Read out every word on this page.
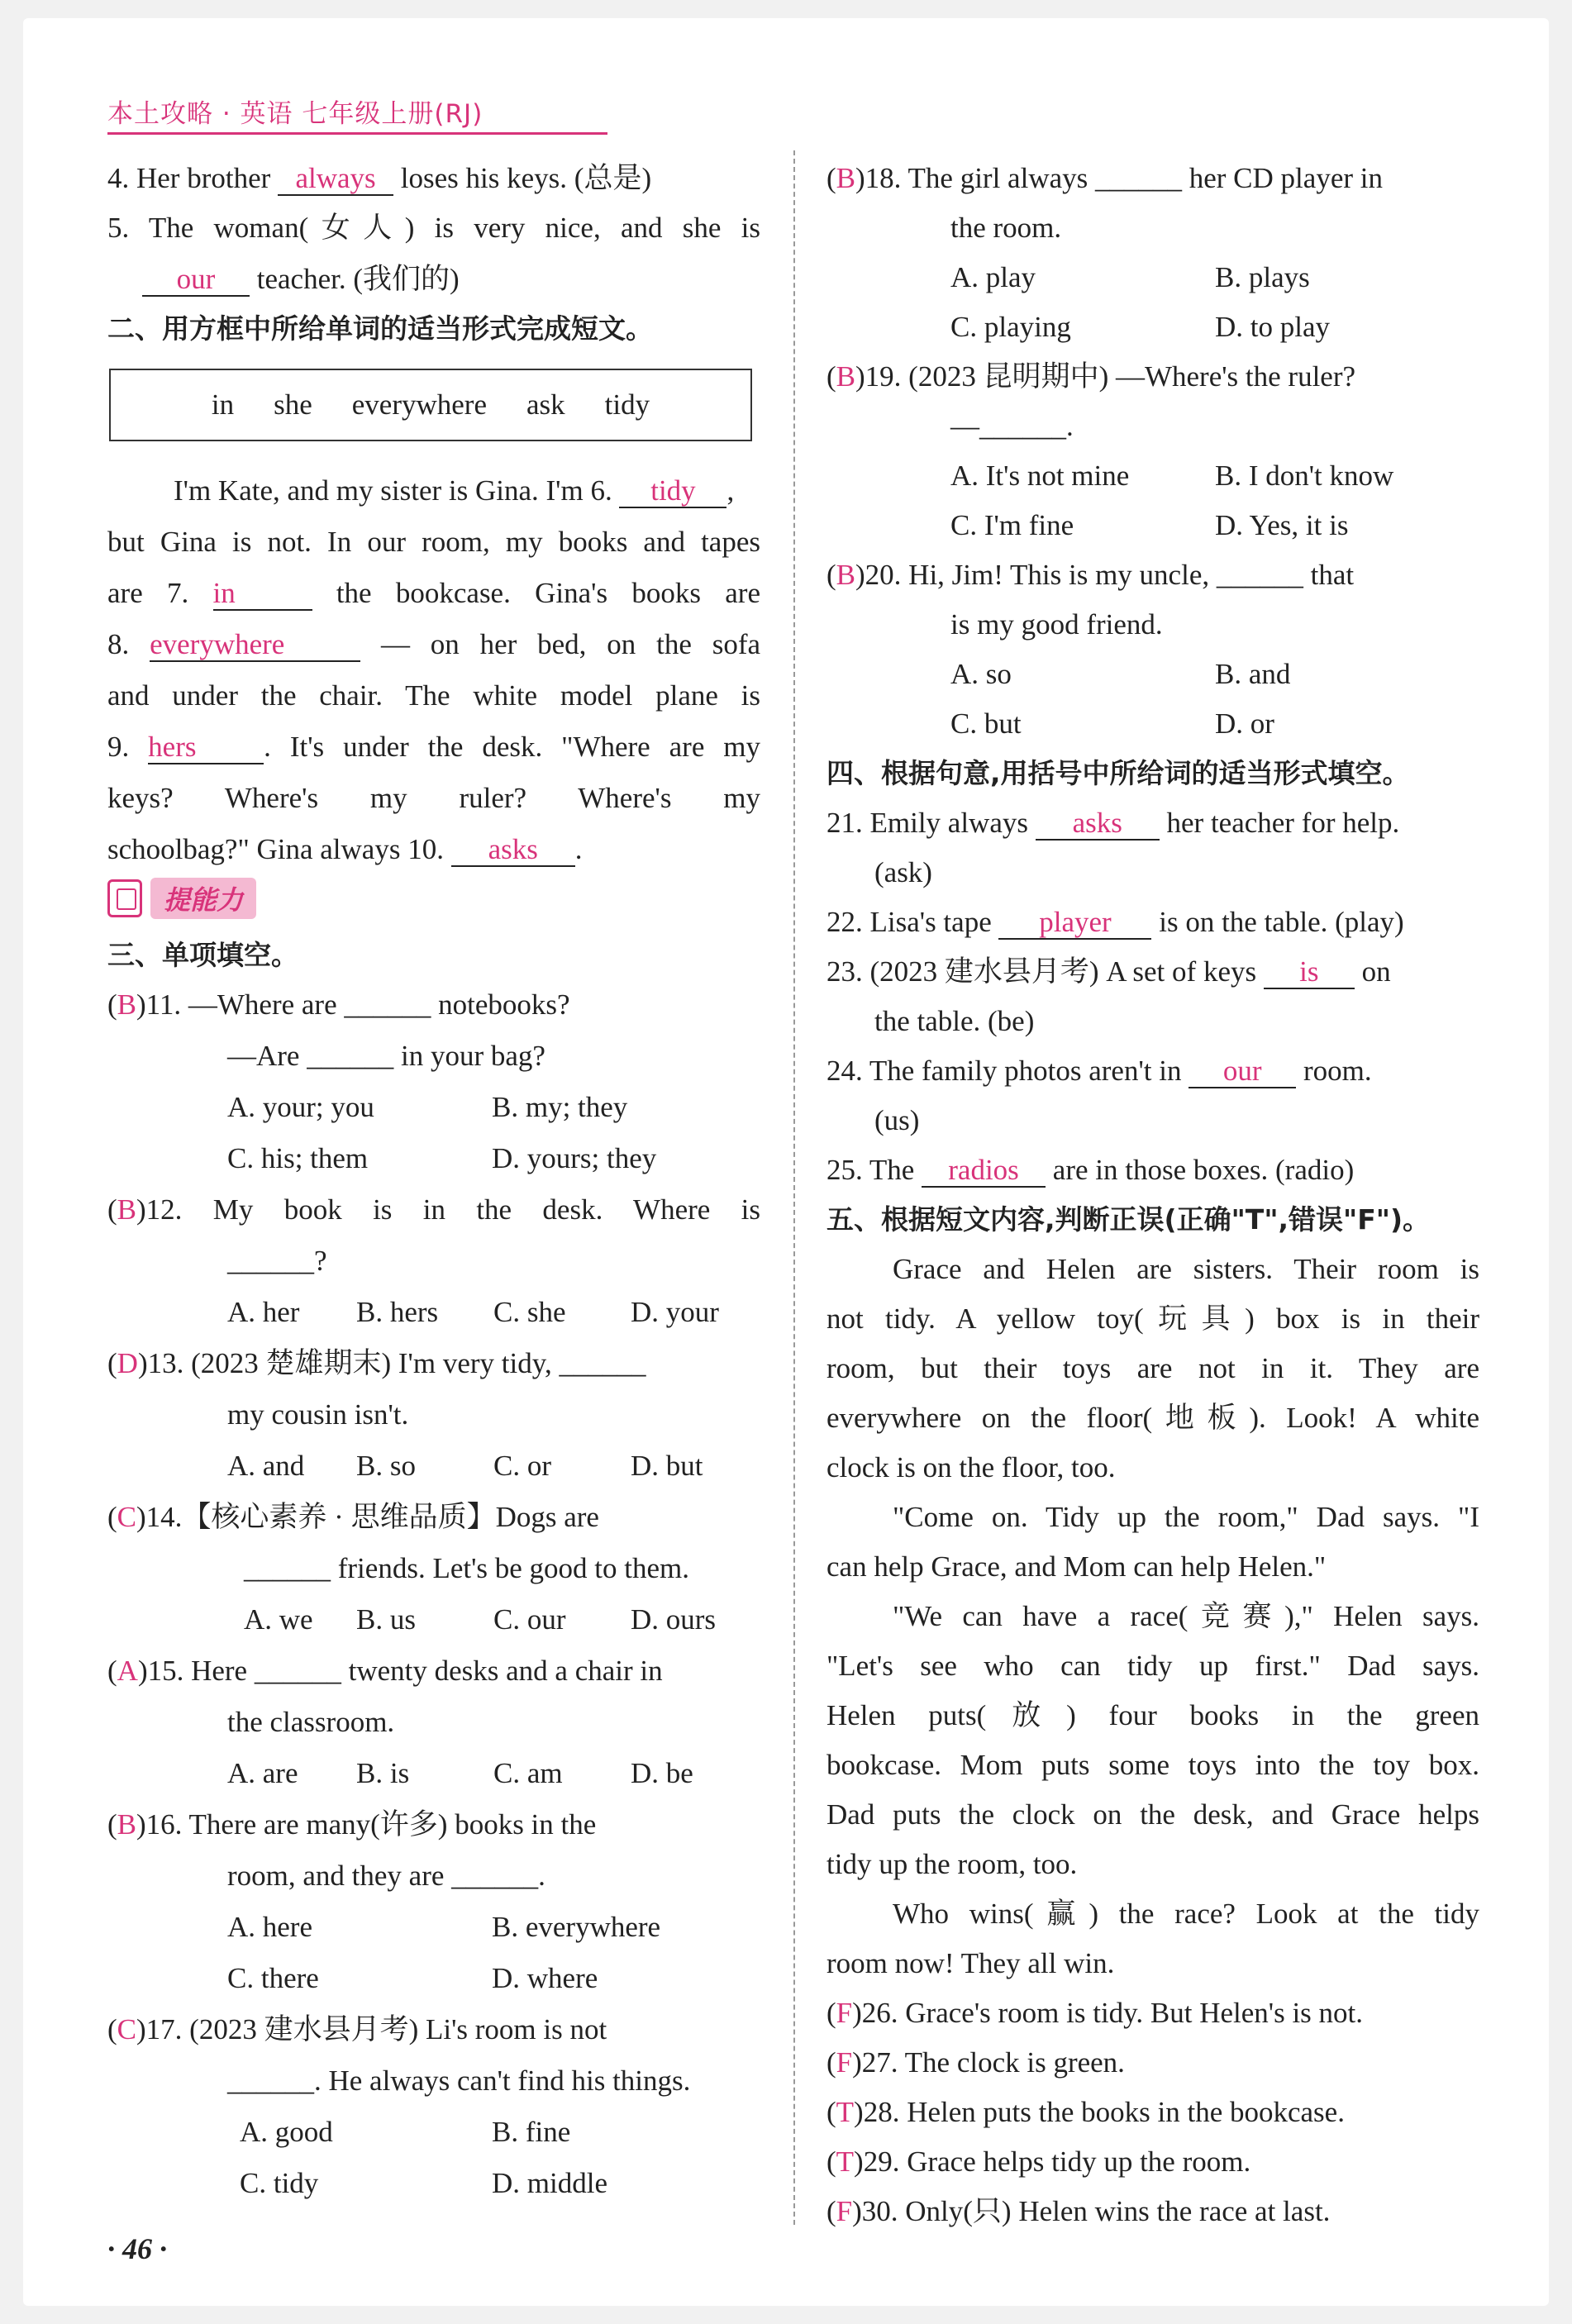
本土攻略 · 英语 七年级上册(RJ)
4. Her brother always loses his keys. (总是)
5. The woman(女人) is very nice, and she is
our teacher. (我们的)
二、用方框中所给单词的适当形式完成短文。
in she everywhere ask tidy
I'm Kate, and my sister is Gina. I'm 6. tidy ,
but Gina is not. In our room, my books and tapes
are 7. in	the bookcase. Gina's books are
8. everywhere	— on her bed, on the sofa
and under the chair. The white model plane is
9. hers . It's under the desk. "Where are my
keys? Where's my ruler? Where's my
schoolbag?" Gina always 10. asks .
提能力
三、单项填空。
(B)11. —Where are ______ notebooks?
—Are ______ in your bag?
A. your; you	B. my; they
C. his; them	D. yours; they
(B)12. My book is in the desk. Where is
______?
A. her	B. hers	C. she	D. your
(D)13. (2023 楚雄期末) I'm very tidy, ______
my cousin isn't.
A. and	B. so	C. or	D. but
(C)14.【核心素养 · 思维品质】Dogs are
______ friends. Let's be good to them.
A. we	B. us	C. our	D. ours
(A)15. Here ______ twenty desks and a chair in
the classroom.
A. are	B. is	C. am	D. be
(B)16. There are many(许多) books in the
room, and they are ______.
A. here	B. everywhere
C. there	D. where
(C)17. (2023 建水县月考) Li's room is not
______. He always can't find his things.
A. good	B. fine
C. tidy	D. middle
(B)18. The girl always ______ her CD player in
the room.
A. play	B. plays
C. playing	D. to play
(B)19. (2023 昆明期中) —Where's the ruler?
—______.
A. It's not mine	B. I don't know
C. I'm fine	D. Yes, it is
(B)20. Hi, Jim! This is my uncle, ______ that
is my good friend.
A. so	B. and
C. but	D. or
四、根据句意,用括号中所给词的适当形式填空。
21. Emily always asks her teacher for help.
(ask)
22. Lisa's tape player is on the table. (play)
23. (2023 建水县月考) A set of keys is on
the table. (be)
24. The family photos aren't in our room.
(us)
25. The radios are in those boxes. (radio)
五、根据短文内容,判断正误(正确"T",错误"F")。
Grace and Helen are sisters. Their room is
not tidy. A yellow toy(玩具) box is in their
room, but their toys are not in it. They are
everywhere on the floor(地板). Look! A white
clock is on the floor, too.
"Come on. Tidy up the room," Dad says. "I
can help Grace, and Mom can help Helen."
"We can have a race(竞赛)," Helen says.
"Let's see who can tidy up first." Dad says.
Helen puts(放) four books in the green
bookcase. Mom puts some toys into the toy box.
Dad puts the clock on the desk, and Grace helps
tidy up the room, too.
Who wins(赢) the race? Look at the tidy
room now! They all win.
(F)26. Grace's room is tidy. But Helen's is not.
(F)27. The clock is green.
(T)28. Helen puts the books in the bookcase.
(T)29. Grace helps tidy up the room.
(F)30. Only(只) Helen wins the race at last.
· 46 ·
